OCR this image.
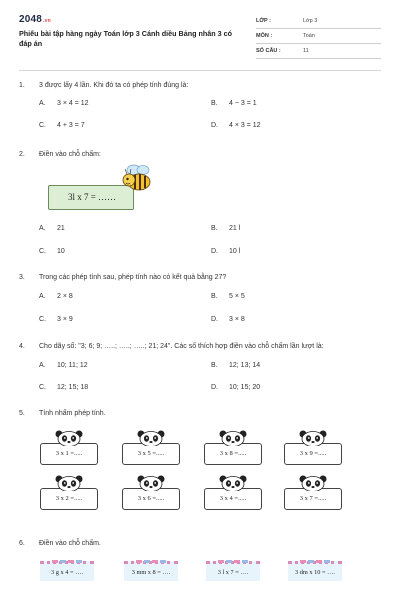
2048.vn
Phiếu bài tập hàng ngày Toán lớp 3 Cánh diều Bảng nhân 3 có đáp án
LỚP :	Lớp 3
MÔN :	Toán
SỐ CÂU :	11
1. 3 được lấy 4 lần. Khi đó ta có phép tính đúng là:
A. 3 × 4 = 12	B. 4 − 3 = 1
C. 4 + 3 = 7	D. 4 × 3 = 12
2. Điền vào chỗ chấm:
A. 21	B. 21 l
C. 10	D. 10 l
3l x 7 = ……
3. Trong các phép tính sau, phép tính nào có kết quả bằng 27?
A. 2 × 8	B. 5 × 5
C. 3 × 9	D. 3 × 8
4. Cho dãy số: "3; 6; 9; …..; …..; …..; 21; 24". Các số thích hợp điền vào chỗ chấm lần lượt là:
A. 10; 11; 12	B. 12; 13; 14
C. 12; 15; 18	D. 10; 15; 20
5. Tính nhẩm phép tính.
3 x 1 =.....	3 x 5 =.....	3 x 8 =.....	3 x 9 =.....
3 x 2 =.....	3 x 6 =.....	3 x 4 =.....	3 x 7 =.....
6. Điền vào chỗ chấm.
3 g x 4 = ….	3 mm x 8 = ….	3 l x 7 = ….	3 dm x 10 = ….
